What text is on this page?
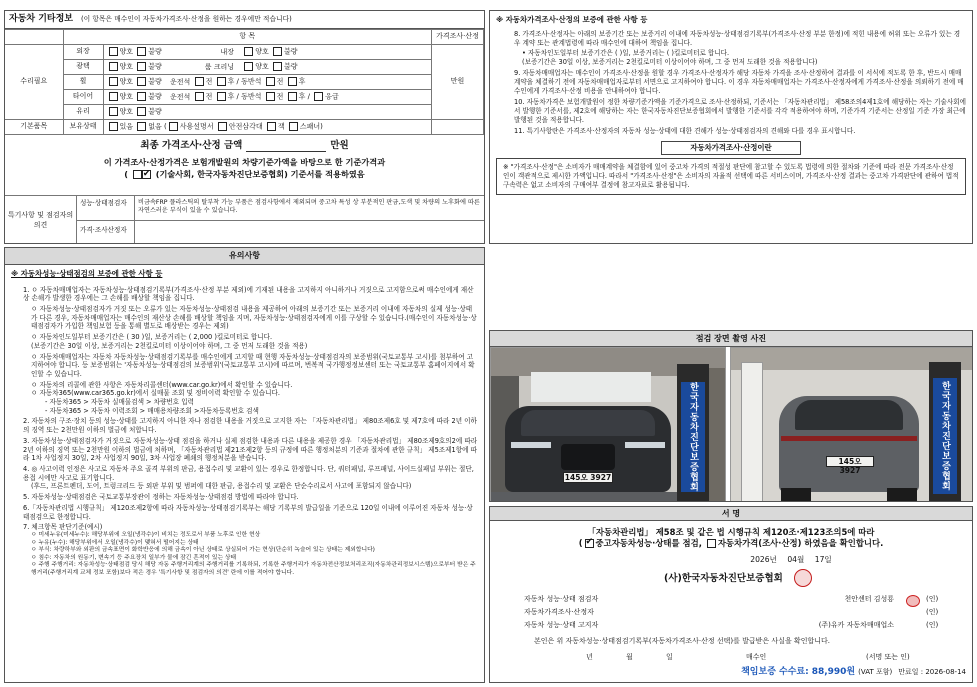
자동차 기타정보 (이 항목은 매수인이 자동차가격조사·산정을 원하는 경우에만 적습니다)
	항 목		가격조사·산정
수리필요	외장	양호 불량 내장 양호 불량	만원
	광택	양호 불량 룸 크리닝 양호 불량	
	휠	양호 불량 운전석 전 후 / 동반석 전 후	
	타이어	양호 불량 운전석 전 후 / 동반석 전 후 / 응급	
	유리	양호 불량	
기본품목	보유상태	있음 없음 ( 사용설명서 안전삼각대 잭 스패너)	
최종 가격조사·산정 금액	만원
이 가격조사·산정가격은 보험개발원의 차량기준가액을 바탕으로 한 기준가격과
( ✔	(기술사회, 한국자동차진단보증협회) 기준서를 적용하였음
특기사항 및 점검자의 의견
성능·상태점검자	비금속FRP 플라스틱의 탈부착 가능 부품은 점검사항에서 제외되며 중고차 특성 상 부분적인 판금,도색 및 차량의 노후화에 따른 자연스러운 부식이 있을 수 있습니다.
가격·조사산정자
※ 자동차가격조사·산정의 보증에 관한 사항 등
8. 가격조사·산정자는 아래의 보증기간 또는 보증거리 이내에 자동차성능·상태점검기록부(가격조사·산정 부분 한정)에 적힌 내용에 허위 또는 오류가 있는 경우 계약 또는 관계법령에 따라 매수인에 대하여 책임을 집니다.
• 자동차인도일부터 보증기간은 ( )일, 보증거리는 ( )킬로미터로 합니다.
(보증기간은 30일 이상, 보증거리는 2천킬로미터 이상이어야 하며, 그 중 먼저 도래한 것을 적용합니다)
9. 자동차매매업자는 매수인이 가격조사·산정을 원할 경우 가격조사·산정자가 해당 자동차 가격을 조사·산정하여 결과를 이 서식에 적도록 한 후, 반드시 매매계약을 체결하기 전에 자동차매매업자로부터 서면으로 고지하여야 합니다. 이 경우 자동차매매업자는 가격조사·산정자에게 가격조사·산정을 의뢰하기 전에 매수인에게 가격조사·산정 비용을 안내하여야 합니다.
10. 자동차가격은 보험개발원이 정한 차량기준가액을 기준가격으로 조사·산정하되, 기준서는 「자동차관리법」 제58조의4제1호에 해당하는 자는 기술사회에서 발행한 기준서를, 제2호에 해당하는 자는 한국자동차진단보증협회에서 발행한 기준서를 각각 적용하여야 하며, 기준가격 기준서는 산정일 기준 가장 최근에 발행된 것을 적용합니다.
11. 특기사항란은 가격조사·산정자의 자동차 성능·상태에 대한 견해가 성능·상태점검자의 견해와 다를 경우 표시합니다.
자동차가격조사·산정이란
※ "가격조사·산정"은 소비자가 매매계약을 체결함에 있어 중고차 가격의 적절성 판단에 참고할 수 있도록 법령에 의한 절차와 기준에 따라 전문 가격조사·산정인이 객관적으로 제시한 가액입니다. 따라서 "가격조사·산정"은 소비자의 자율적 선택에 따른 서비스이며, 가격조사·산정 결과는 중고차 가격판단에 관하여 법적 구속력은 없고 소비자의 구매여부 결정에 참고자료로 활용됩니다.
유의사항
※ 자동차성능·상태점검의 보증에 관한 사항 등
1. ㅇ 자동차매매업자는 자동차성능·상태점검기록부(가격조사·산정 부분 제외)에 기재된 내용을 고지하지 아니하거나 거짓으로 고지함으로써 매수인에게 재산상 손해가 발생한 경우에는 그 손해를 배상할 책임을 집니다.
ㅇ 자동차성능·상태점검자가 거짓 또는 오류가 있는 자동차성능·상태점검 내용을 제공하여 아래의 보증기간 또는 보증거리 이내에 자동차의 실제 성능·상태가 다른 경우, 자동차매매업자는 매수인의 재산상 손해를 배상할 책임을 지며, 자동차성능·상태점검자에게 이를 구상할 수 있습니다.(매수인이 자동차성능·상태점검자가 가입한 책임보험 등을 통해 별도로 배상받는 경우는 제외)
ㅇ 자동차인도일부터 보증기간은 ( 30 )일, 보증거리는 ( 2,000 )킬로미터로 합니다.
(보증기간은 30일 이상, 보증거리는 2천킬로미터 이상이어야 하며, 그 중 먼저 도래한 것을 적용)
ㅇ 자동차매매업자는 자동차 자동차성능·상태점검기록부를 매수인에게 고지할 때 현행 자동차성능·상태점검자의 보증범위(국토교통부 고시)를 첨부하여 고지하여야 합니다. 등 보증범위는 '자동차성능·상태점검의 보증범위'(국토교통부 고시)에 따르며, 번복적 국가행정정보센터 또는 국토교통부 홈페이지에서 확인할 수 있습니다.
ㅇ 자동차의 리콜에 관한 사항은 자동차리콜센터(www.car.go.kr)에서 확인할 수 있습니다.
ㅇ 자동차365(www.car365.go.kr)에서 실매물 조회 및 정비이력 확인할 수 있습니다.
- 자동차365 > 자동차 실매물검색 > 차량번호 입력
- 자동차365 > 자동차 이력조회 > 매매용차량조회 >자동차등록번호 검색
2. 자동차의 구조·장치 등의 성능·상태를 고지하지 아니한 자나 점검한 내용을 거짓으로 고지한 자는 「자동차관리법」 제80조제6호 및 제7호에 따라 2년 이하의 징역 또는 2천만원 이하의 벌금에 처합니다.
3. 자동차성능·상태점검자가 거짓으로 자동차성능·상태 점검을 하거나 실제 점검한 내용과 다른 내용을 제공한 경우 「자동차관리법」 제80조제9호의2에 따라 2년 이하의 징역 또는 2천만원 이하의 벌금에 처하며, 「자동차관리법 제21조제2항 등의 규정에 따른 행정처분의 기준과 절차에 관한 규칙」 제5조제1항에 따라 1차 사업정지 30일, 2차 사업정지 90일, 3차 사업장 폐쇄의 행정처분을 받습니다.
4. ◎ 사고이력 인정은 사고로 자동차 주요 골격 부위의 판금, 용접수리 및 교환이 있는 경우로 한정합니다. 단, 쿼터패널, 루프패널, 사이드실패널 부위는 절단, 용접 시에만 사고로 표기합니다.
(후드, 프론트펜더, 도어, 트렁크리드 등 외판 부위 및 범퍼에 대한 판금, 용접수리 및 교환은 단순수리로서 사고에 포함되지 않습니다)
5. 자동차성능·상태점검은 국토교통부장관이 정하는 자동차성능·상태점검 방법에 따라야 합니다.
6.「자동차관리법 시행규칙」 제120조제2항에 따라 자동차성능·상태점검기록부는 해당 기록부의 발급일을 기준으로 120일 이내에 이루어진 자동차 성능·상태점검으로 한정합니다.
7. 체크항목 판단기준(예시)
ㅇ 미세누유(미세누수): 해당부위에 오일(냉각수)이 비치는 정도로서 부품 노후로 인한 현상
ㅇ 누유(누수): 해당부위에서 오일(냉각수)이 맺혀서 떨어지는 상태
ㅇ 부식: 차량하부와 외판의 금속표면이 화학반응에 의해 금속이 아닌 상태로 상실되어 가는 현상(단순히 녹슬어 있는 상태는 제외합니다)
ㅇ 침수: 자동차의 원동기, 변속기 등 주요장치 일부가 물에 잠긴 흔적이 있는 상태
ㅇ 주행 주행거리: 자동차성능·상태점검 당시 해당 자동 주행거리계의 주행거리를 기록하되, 기록한 주행거리가 자동차전산정보처리조직(자동차관리정보시스템)으로부터 받은 주행거리(주행거리계 교체 정보 포함)보다 적은 경우 '특기사항 및 점검자의 의견' 란에 이를 적어야 합니다.
점검 장면 촬영 사진
한국자동차진단보증협회
145오 3927	한국자동차진단보증협회
145오 3927
서 명
「자동차관리법」 제58조 및 같은 법 시행규칙 제120조·제123조의5에 따라
( ✔ 중고자동차성능·상태를 점검, 자동차가격(조사·산정) 하였음을 확인합니다.
2026년 04월 17일
(사)한국자동차진단보증협회
자동차 성능·상태 점검자	천안센터 김성룡	(인)
자동차가격조사·산정자	(인)
자동차 성능·상태 고지자	(주)유카 자동차매매업소	(인)
본인은 위 자동차성능·상태점검기록부(자동차가격조사·산정 선택)를 발급받은 사실을 확인합니다.
년	월	일	매수인	(서명 또는 인)
책임보증 수수료: 88,990원 (VAT 포함) 만료일 : 2026-08-14
